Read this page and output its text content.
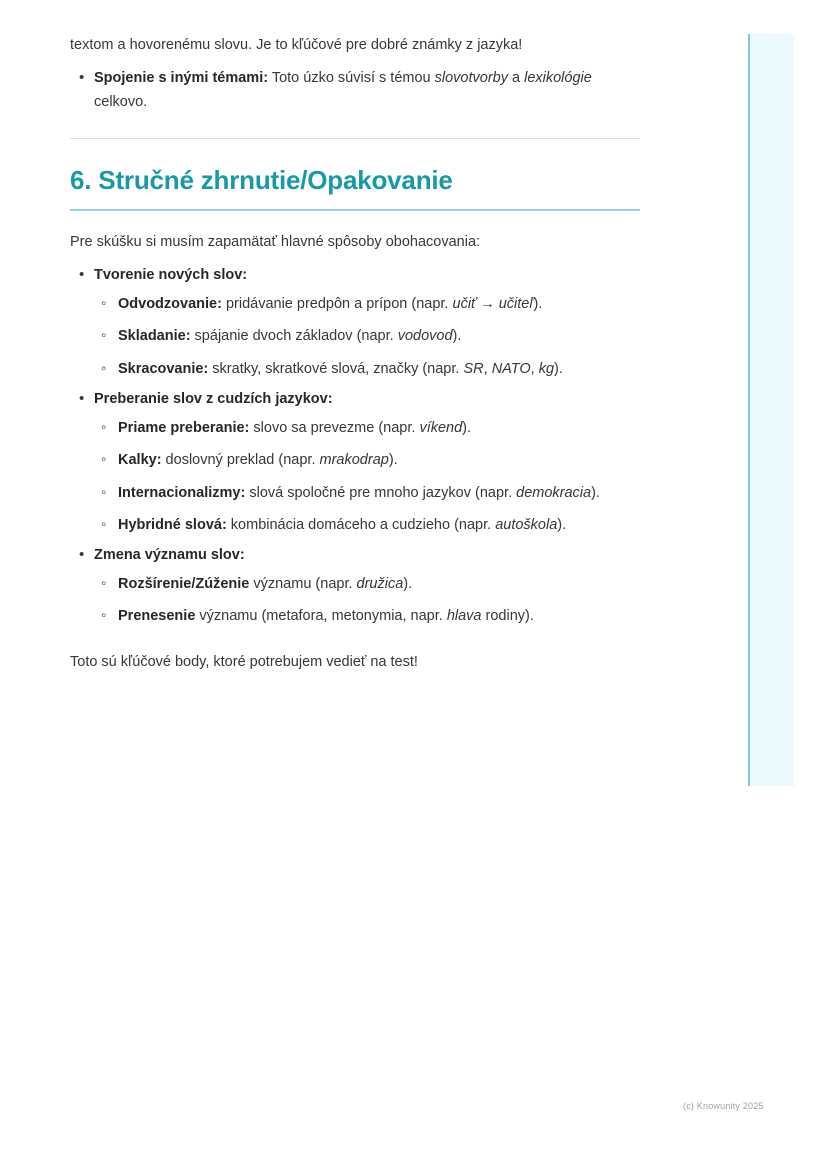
textom a hovorenému slovu. Je to kľúčové pre dobré známky z jazyka!

• Spojenie s inými témami: Toto úzko súvisí s témou slovotvorby a lexikológie celkovo.
6. Stručné zhrnutie/Opakovanie

Pre skúšku si musím zapamätať hlavné spôsoby obohacovania:

• Tvorenie nových slov:
◦ Odvodzovanie: pridávanie predpôn a prípon (napr. učiť → učiteľ).
◦ Skladanie: spájanie dvoch základov (napr. vodovod).
◦ Skracovanie: skratky, skratkové slová, značky (napr. SR, NATO, kg).
• Preberanie slov z cudzích jazykov:
◦ Priame preberanie: slovo sa prevezme (napr. víkend).
◦ Kalky: doslovný preklad (napr. mrakodrap).
◦ Internacionalizmy: slová spoločné pre mnoho jazykov (napr. demokracia).
◦ Hybridné slová: kombinácia domáceho a cudzieho (napr. autoškola).
• Zmena významu slov:
◦ Rozšírenie/Zúženie významu (napr. družica).
◦ Prenesenie významu (metafora, metonymia, napr. hlava rodiny).

Toto sú kľúčové body, ktoré potrebujem vedieť na test!

(c) Knowunity 2025
